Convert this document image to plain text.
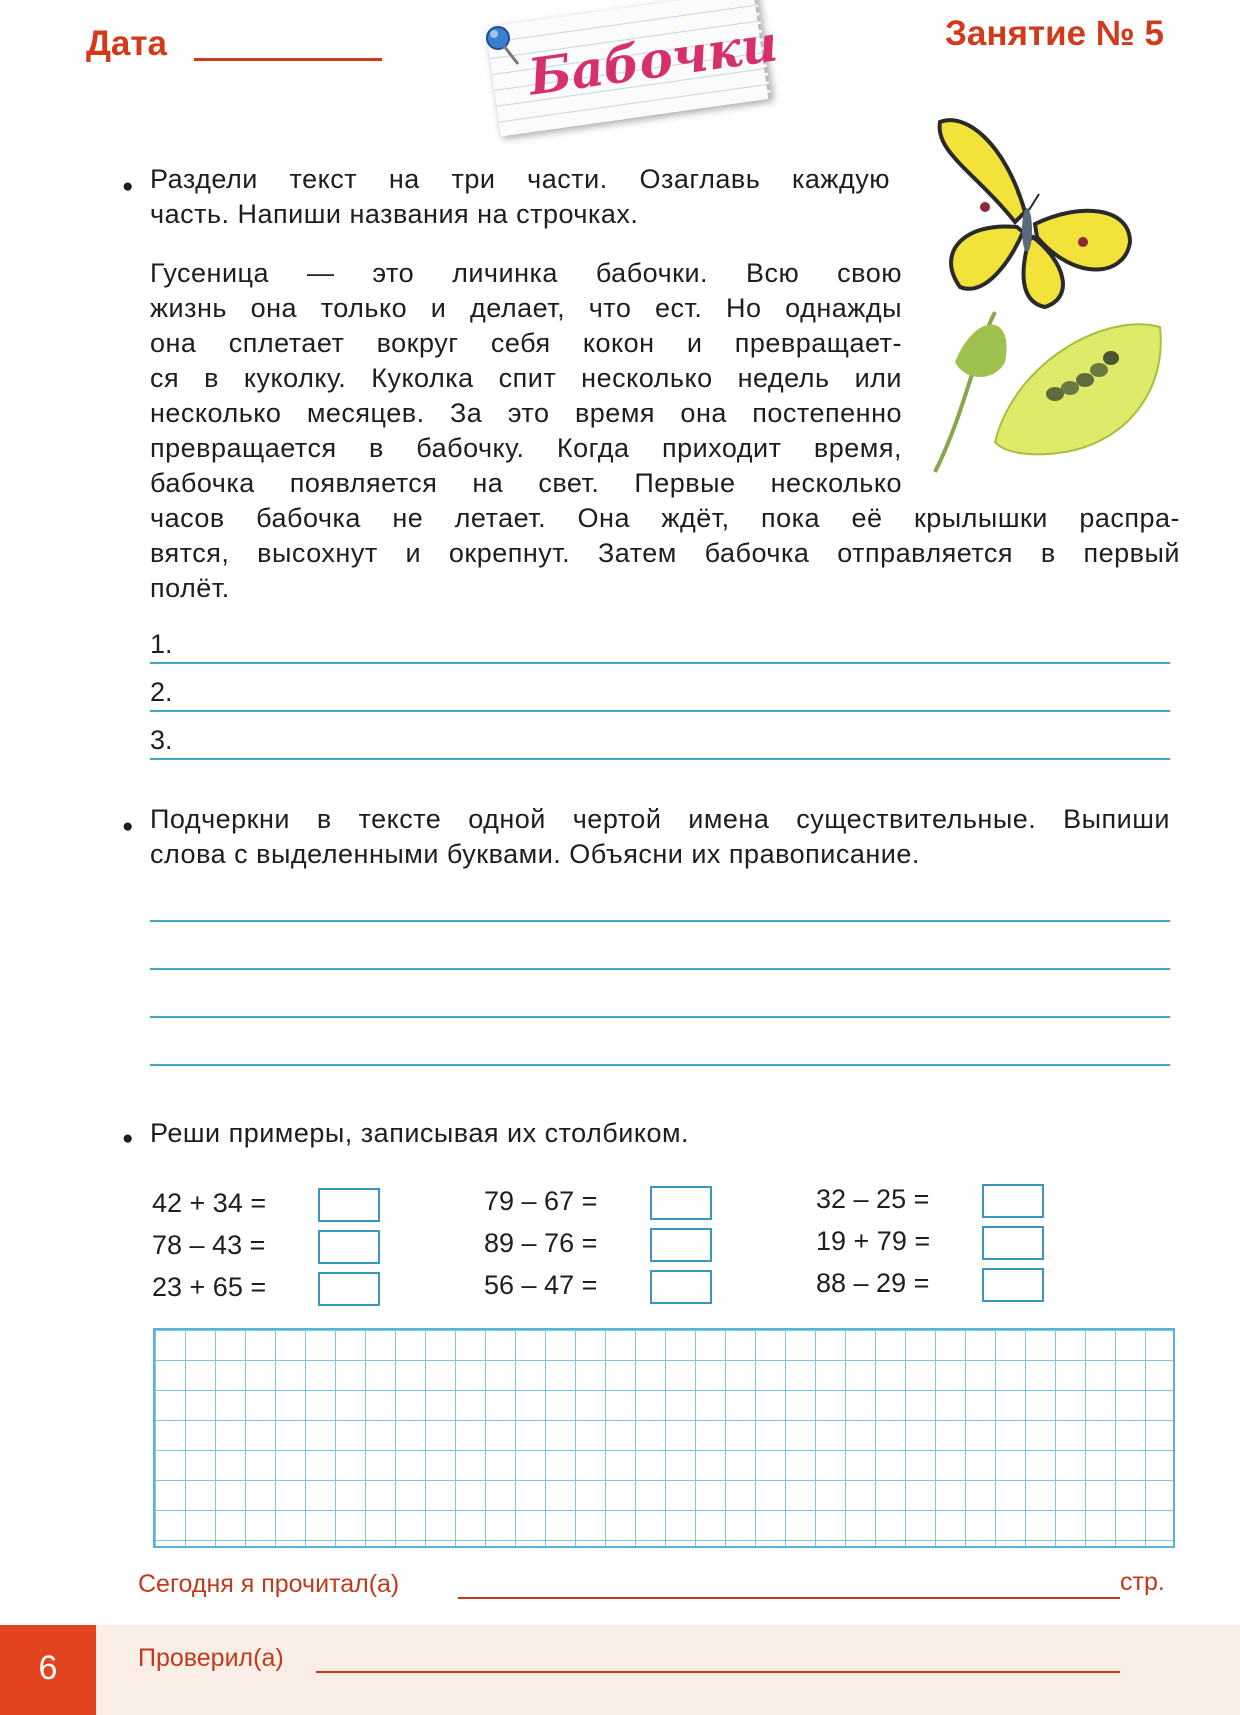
Дата	Бабочки	Занятие № 5
● Раздели текст на три части. Озаглавь каждую
часть. Напиши названия на строчках.
Гусеница — это личинка бабочки. Всю свою
жизнь она только и делает, что ест. Но однажды
она сплетает вокруг себя кокон и превращает-
ся в куколку. Куколка спит несколько недель или
несколько месяцев. За это время она постепенно
превращается в бабочку. Когда приходит время,
бабочка появляется на свет. Первые несколько
часов бабочка не летает. Она ждёт, пока её крылышки распра-
вятся, высохнут и окрепнут. Затем бабочка отправляется в первый
полёт.
1.
2.
3.
● Подчеркни в тексте одной чертой имена существительные. Выпиши
слова с выделенными буквами. Объясни их правописание.
● Реши примеры, записывая их столбиком.
42 + 34 =
78 – 43 =
23 + 65 =
79 – 67 =
89 – 76 =
56 – 47 =
32 – 25 =
19 + 79 =
88 – 29 =
Сегодня я прочитал(а)	стр.
6	Проверил(а)
